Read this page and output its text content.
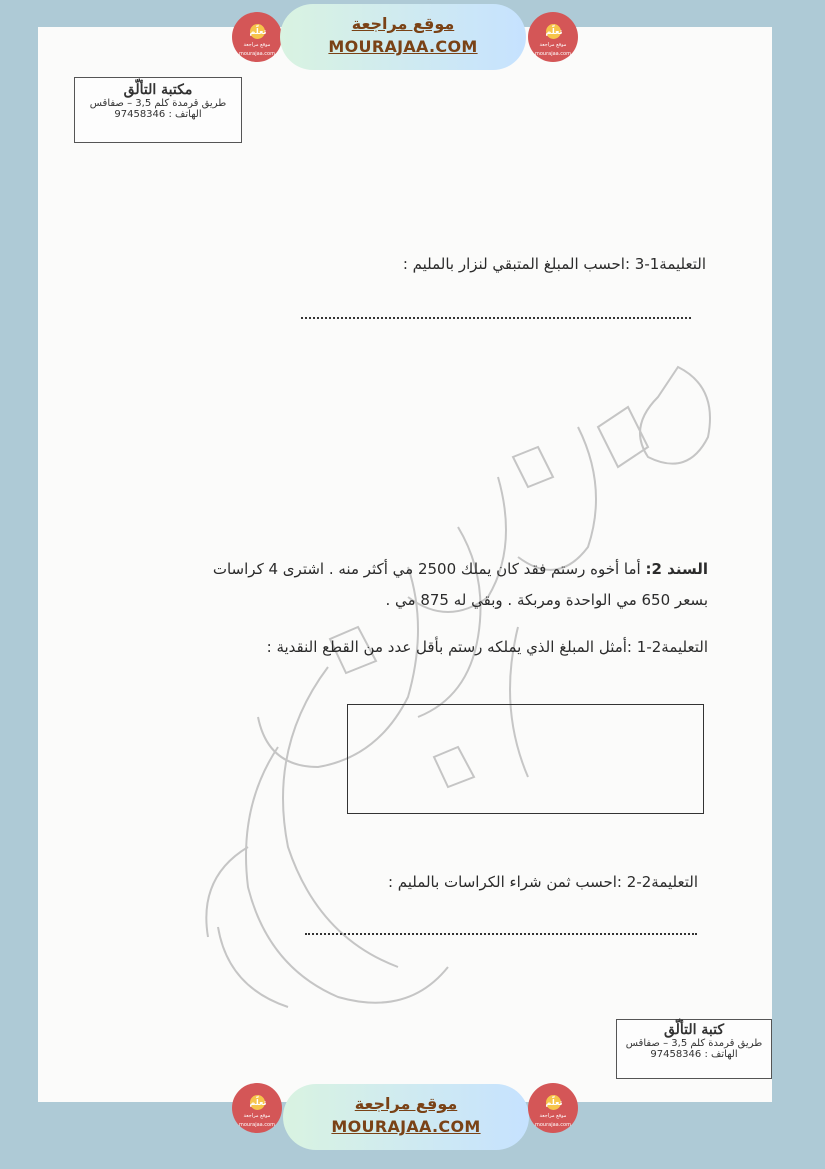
مكتبة التألّق
طريق قرمدة كلم 3,5 – صفاقس
الهاتف : 97458346
التعليمة1-3 :احسب المبلغ المتبقي لنزار بالمليم :
السند 2: أما أخوه رستم فقد كان يملك 2500 مي أكثر منه . اشترى 4 كراسات
بسعر 650 مي الواحدة ومربكة . وبقي له 875 مي .
التعليمة2-1 :أمثل المبلغ الذي يملكه رستم بأقل عدد من القطع النقدية :
التعليمة2-2 :احسب ثمن شراء الكراسات بالمليم :
كتبة التألّق
طريق قرمدة كلم 3,5 – صفاقس
الهاتف : 97458346
تعلّم
موقع مراجعة
mourajaa.com
موقع مراجعة
MOURAJAA.COM
تعلّم
موقع مراجعة
mourajaa.com
تعلّم
موقع مراجعة
mourajaa.com
موقع مراجعة
MOURAJAA.COM
تعلّم
موقع مراجعة
mourajaa.com
